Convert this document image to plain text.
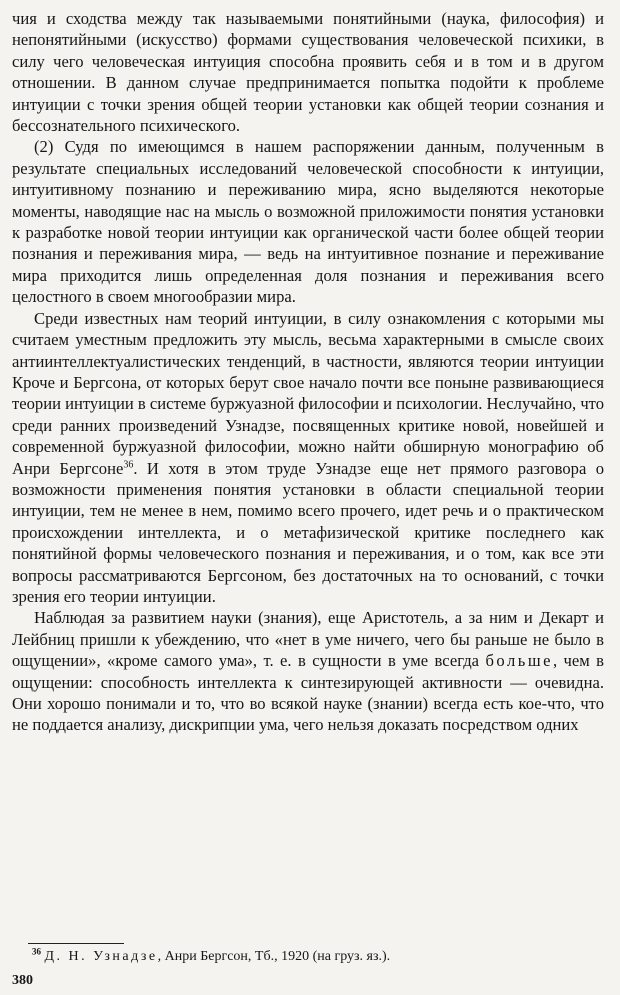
чия и сходства между так называемыми понятийными (наука, философия) и непонятийными (искусство) формами существования человеческой психики, в силу чего человеческая интуиция способна проявить себя и в том и в другом отношении. В данном случае предпринимается попытка подойти к проблеме интуиции с точки зрения общей теории установки как общей теории сознания и бессознательного психического.

(2) Судя по имеющимся в нашем распоряжении данным, полученным в результате специальных исследований человеческой способности к интуиции, интуитивному познанию и переживанию мира, ясно выделяются некоторые моменты, наводящие нас на мысль о возможной приложимости понятия установки к разработке новой теории интуиции как органической части более общей теории познания и переживания мира, — ведь на интуитивное познание и переживание мира приходится лишь определенная доля познания и переживания всего целостного в своем многообразии мира.

Среди известных нам теорий интуиции, в силу ознакомления с которыми мы считаем уместным предложить эту мысль, весьма характерными в смысле своих антиинтеллектуалистических тенденций, в частности, являются теории интуиции Кроче и Бергсона, от которых берут свое начало почти все поныне развивающиеся теории интуиции в системе буржуазной философии и психологии. Неслучайно, что среди ранних произведений Узнадзе, посвященных критике новой, новейшей и современной буржуазной философии, можно найти обширную монографию об Анри Бергсоне$^{36}$. И хотя в этом труде Узнадзе еще нет прямого разговора о возможности применения понятия установки в области специальной теории интуиции, тем не менее в нем, помимо всего прочего, идет речь и о практическом происхождении интеллекта, и о метафизической критике последнего как понятийной формы человеческого познания и переживания, и о том, как все эти вопросы рассматриваются Бергсоном, без достаточных на то оснований, с точки зрения его теории интуиции.

Наблюдая за развитием науки (знания), еще Аристотель, а за ним и Декарт и Лейбниц пришли к убеждению, что «нет в уме ничего, чего бы раньше не было в ощущении», «кроме самого ума», т. е. в сущности в уме всегда больше, чем в ощущении: способность интеллекта к синтезирующей активности — очевидна. Они хорошо понимали и то, что во всякой науке (знании) всегда есть кое-что, что не поддается анализу, дискрипции ума, чего нельзя доказать посредством одних

$^{36}$ Д. Н. Узнадзе, Анри Бергсон, Тб., 1920 (на груз. яз.).
380
